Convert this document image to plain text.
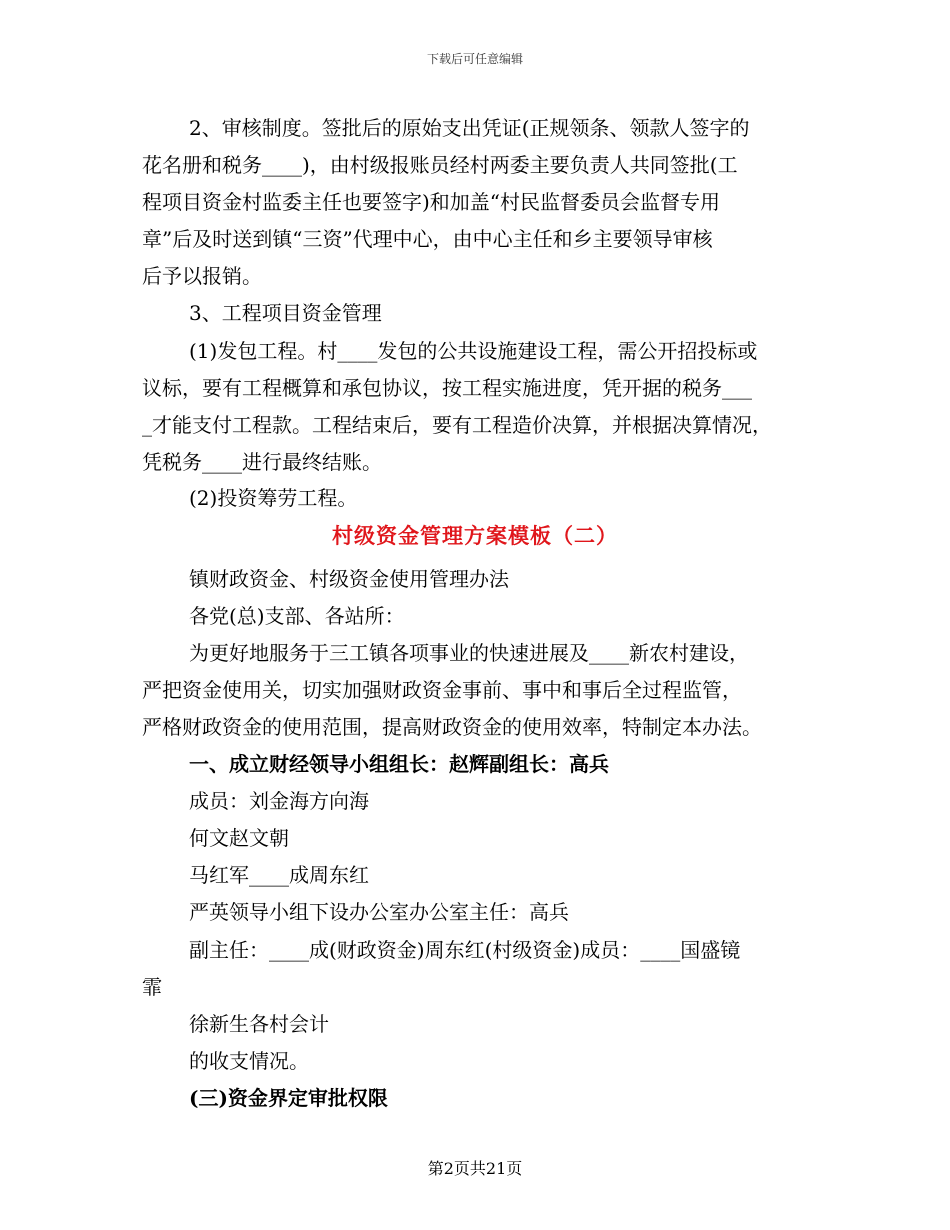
下载后可任意编辑
2、审核制度。签批后的原始支出凭证(正规领条、领款人签字的
花名册和税务____)，由村级报账员经村两委主要负责人共同签批(工
程项目资金村监委主任也要签字)和加盖“村民监督委员会监督专用
章”后及时送到镇“三资”代理中心，由中心主任和乡主要领导审核
后予以报销。
3、工程项目资金管理
(1)发包工程。村____发包的公共设施建设工程，需公开招投标或
议标，要有工程概算和承包协议，按工程实施进度，凭开据的税务___
_才能支付工程款。工程结束后，要有工程造价决算，并根据决算情况，
凭税务____进行最终结账。
(2)投资筹劳工程。
村级资金管理方案模板（二）
镇财政资金、村级资金使用管理办法
各党(总)支部、各站所：
为更好地服务于三工镇各项事业的快速进展及____新农村建设，
严把资金使用关，切实加强财政资金事前、事中和事后全过程监管，
严格财政资金的使用范围，提高财政资金的使用效率，特制定本办法。
一、成立财经领导小组组长：赵辉副组长：高兵
成员：刘金海方向海
何文赵文朝
马红军____成周东红
严英领导小组下设办公室办公室主任：高兵
副主任：____成(财政资金)周东红(村级资金)成员：____国盛镜
霏
徐新生各村会计
的收支情况。
(三)资金界定审批权限
第2页共21页
